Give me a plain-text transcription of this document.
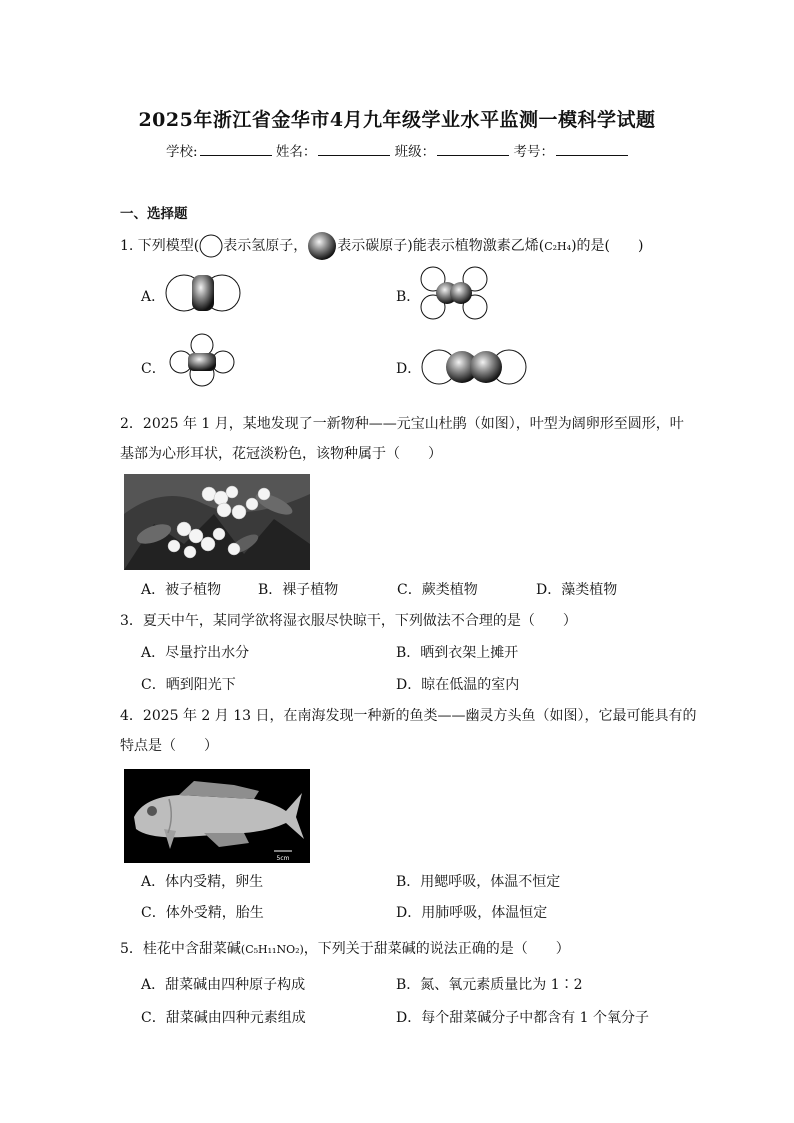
2025年浙江省金华市4月九年级学业水平监测一模科学试题
学校:	姓名：	班级：	考号：
一、选择题
1. 下列模型( 表示氢原子， 表示碳原子)能表示植物激素乙烯(C₂H₄)的是(　　)
A．	B．
C．	D．
2．2025 年 1 月，某地发现了一新物种——元宝山杜鹃（如图），叶型为阔卵形至圆形，叶
基部为心形耳状，花冠淡粉色，该物种属于（　　）
A．被子植物	B．裸子植物	C．蕨类植物	D．藻类植物
3．夏天中午，某同学欲将湿衣服尽快晾干，下列做法不合理的是（　　）
A．尽量拧出水分	B．晒到衣架上摊开
C．晒到阳光下	D．晾在低温的室内
4．2025 年 2 月 13 日，在南海发现一种新的鱼类——幽灵方头鱼（如图），它最可能具有的
特点是（　　）
5cm
A．体内受精，卵生	B．用鳃呼吸，体温不恒定
C．体外受精，胎生	D．用肺呼吸，体温恒定
5．桂花中含甜菜碱(C₅H₁₁NO₂)，下列关于甜菜碱的说法正确的是（　　）
A．甜菜碱由四种原子构成	B．氮、氧元素质量比为 1∶2
C．甜菜碱由四种元素组成	D．每个甜菜碱分子中都含有 1 个氧分子
